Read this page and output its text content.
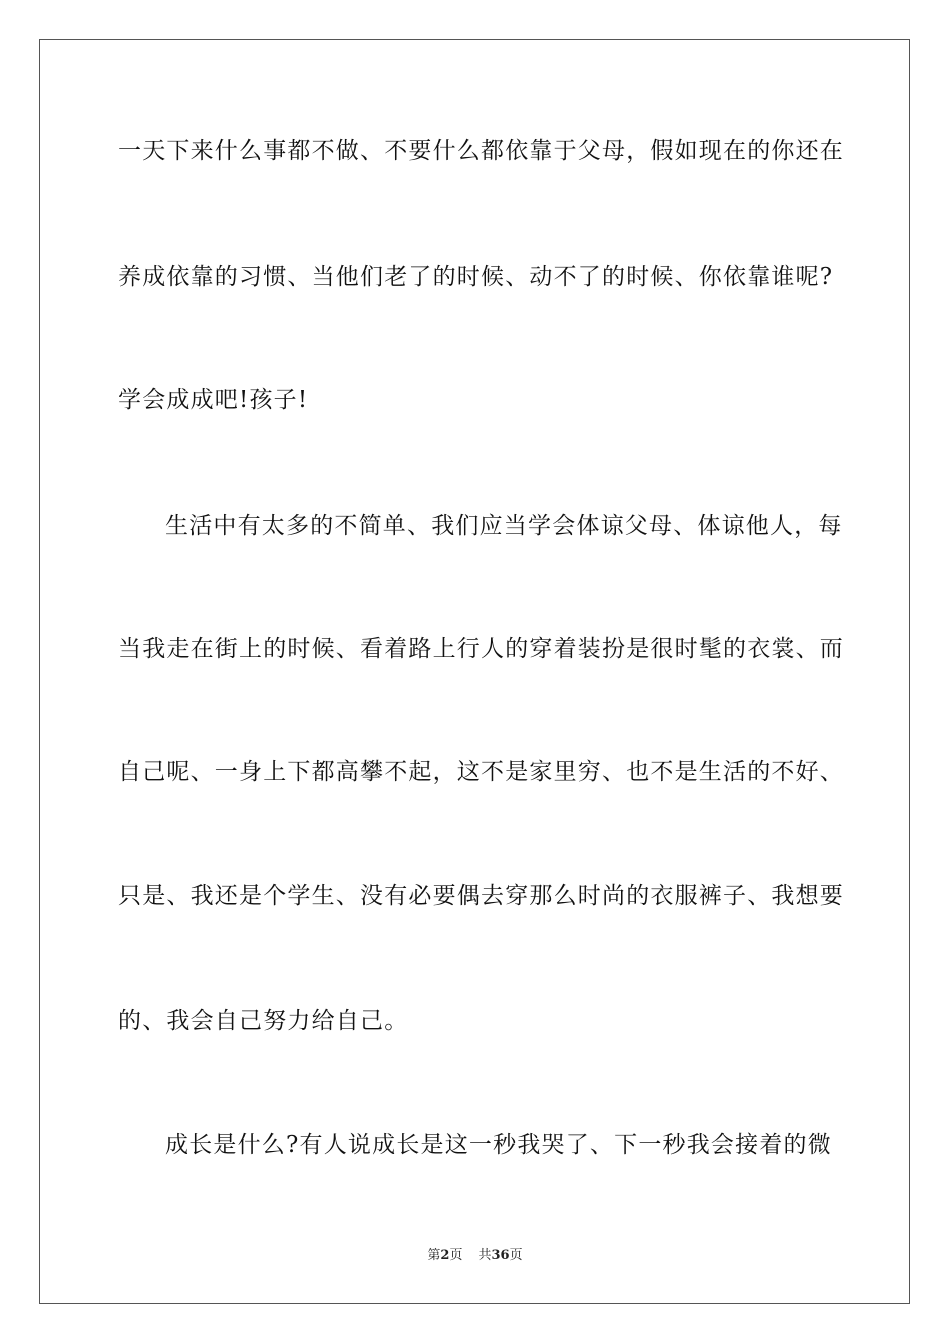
一天下来什么事都不做、不要什么都依靠于父母，假如现在的你还在
养成依靠的习惯、当他们老了的时候、动不了的时候、你依靠谁呢?
学会成成吧!孩子!
生活中有太多的不简单、我们应当学会体谅父母、体谅他人，每
当我走在街上的时候、看着路上行人的穿着装扮是很时髦的衣裳、而
自己呢、一身上下都高攀不起，这不是家里穷、也不是生活的不好、
只是、我还是个学生、没有必要偶去穿那么时尚的衣服裤子、我想要
的、我会自己努力给自己。
成长是什么?有人说成长是这一秒我哭了、下一秒我会接着的微
第2页 共36页
